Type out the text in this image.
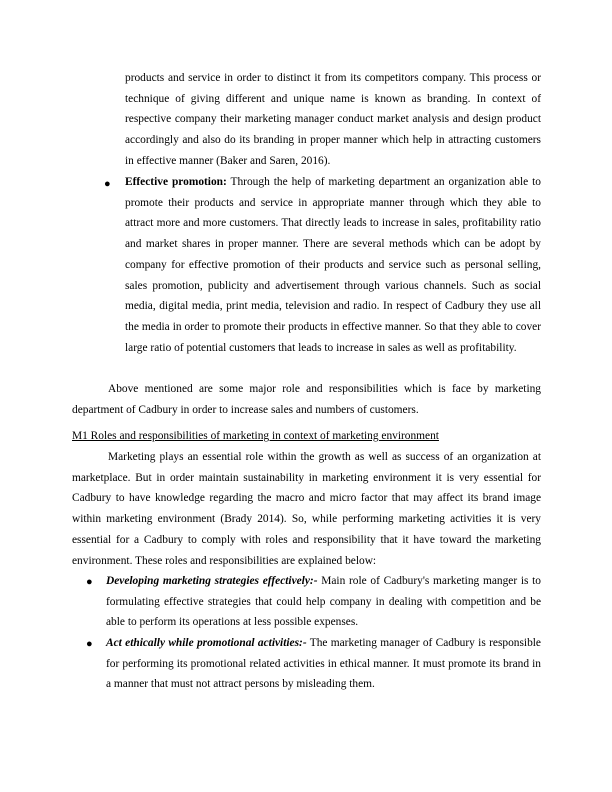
products and service in order to distinct it from its competitors company. This process or technique of giving different and unique name is known as branding. In context of respective company their marketing manager conduct market analysis and design product accordingly and also do its branding in proper manner which help in attracting customers in effective manner (Baker and Saren, 2016).

● Effective promotion: Through the help of marketing department an organization able to promote their products and service in appropriate manner through which they able to attract more and more customers. That directly leads to increase in sales, profitability ratio and market shares in proper manner. There are several methods which can be adopt by company for effective promotion of their products and service such as personal selling, sales promotion, publicity and advertisement through various channels. Such as social media, digital media, print media, television and radio. In respect of Cadbury they use all the media in order to promote their products in effective manner. So that they able to cover large ratio of potential customers that leads to increase in sales as well as profitability.

Above mentioned are some major role and responsibilities which is face by marketing department of Cadbury in order to increase sales and numbers of customers.

M1 Roles and responsibilities of marketing in context of marketing environment

Marketing plays an essential role within the growth as well as success of an organization at marketplace. But in order maintain sustainability in marketing environment it is very essential for Cadbury to have knowledge regarding the macro and micro factor that may affect its brand image within marketing environment (Brady 2014). So, while performing marketing activities it is very essential for a Cadbury to comply with roles and responsibility that it have toward the marketing environment. These roles and responsibilities are explained below:

● Developing marketing strategies effectively:- Main role of Cadbury's marketing manger is to formulating effective strategies that could help company in dealing with competition and be able to perform its operations at less possible expenses.

● Act ethically while promotional activities:- The marketing manager of Cadbury is responsible for performing its promotional related activities in ethical manner. It must promote its brand in a manner that must not attract persons by misleading them.
